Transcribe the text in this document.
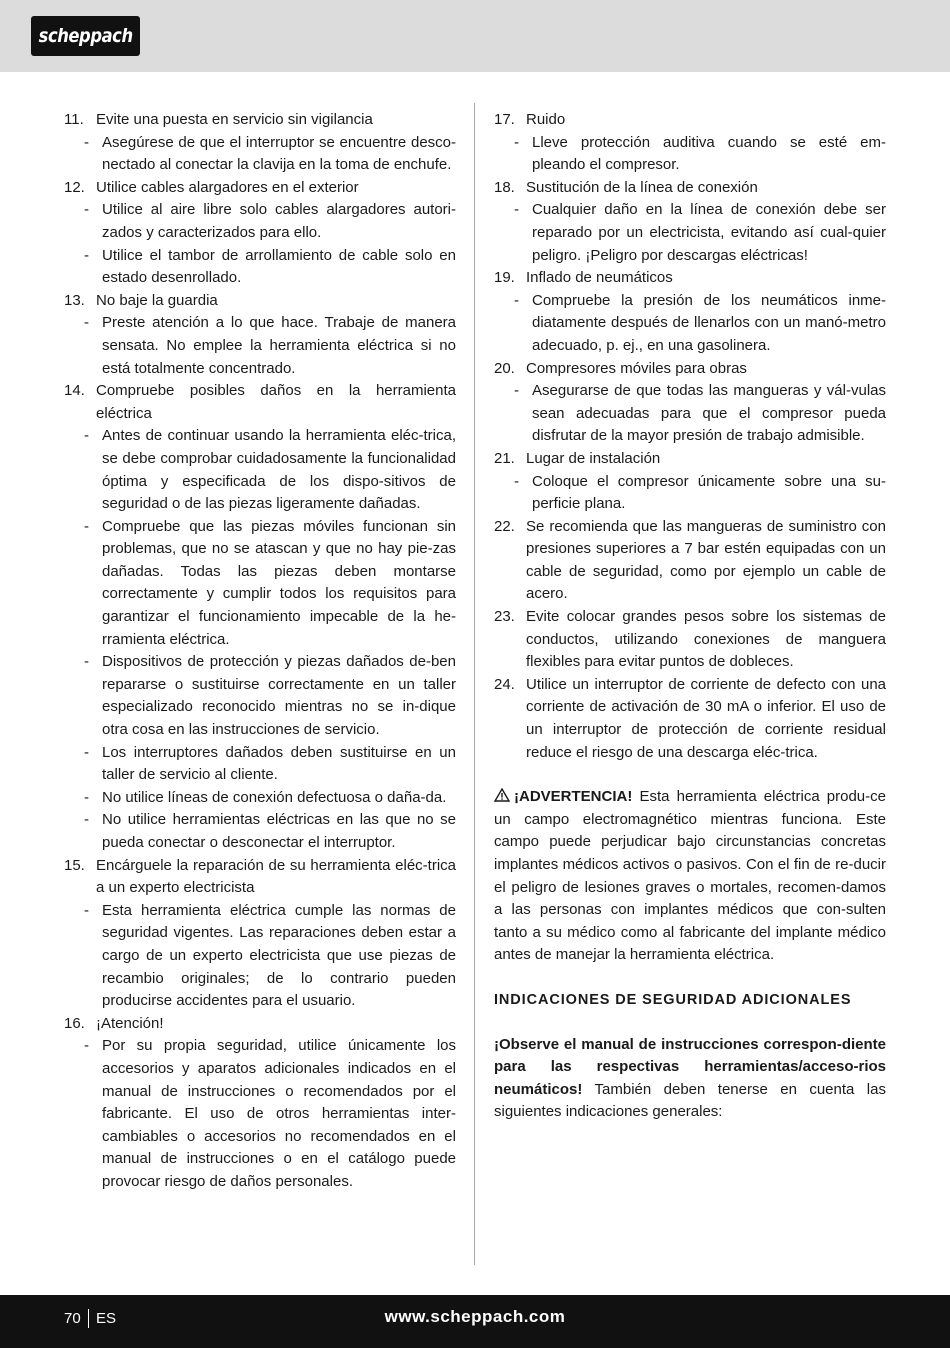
scheppach
11. Evite una puesta en servicio sin vigilancia
- Asegúrese de que el interruptor se encuentre desco-nectado al conectar la clavija en la toma de enchufe.
12. Utilice cables alargadores en el exterior
- Utilice al aire libre solo cables alargadores autori-zados y caracterizados para ello.
- Utilice el tambor de arrollamiento de cable solo en estado desenrollado.
13. No baje la guardia
- Preste atención a lo que hace. Trabaje de manera sensata. No emplee la herramienta eléctrica si no está totalmente concentrado.
14. Compruebe posibles daños en la herramienta eléctrica
- Antes de continuar usando la herramienta eléc-trica, se debe comprobar cuidadosamente la funcionalidad óptima y especificada de los dispo-sitivos de seguridad o de las piezas ligeramente dañadas.
- Compruebe que las piezas móviles funcionan sin problemas, que no se atascan y que no hay pie-zas dañadas. Todas las piezas deben montarse correctamente y cumplir todos los requisitos para garantizar el funcionamiento impecable de la he-rramienta eléctrica.
- Dispositivos de protección y piezas dañados de-ben repararse o sustituirse correctamente en un taller especializado reconocido mientras no se in-dique otra cosa en las instrucciones de servicio.
- Los interruptores dañados deben sustituirse en un taller de servicio al cliente.
- No utilice líneas de conexión defectuosa o daña-da.
- No utilice herramientas eléctricas en las que no se pueda conectar o desconectar el interruptor.
15. Encárguele la reparación de su herramienta eléc-trica a un experto electricista
- Esta herramienta eléctrica cumple las normas de seguridad vigentes. Las reparaciones deben estar a cargo de un experto electricista que use piezas de recambio originales; de lo contrario pueden producirse accidentes para el usuario.
16. ¡Atención!
- Por su propia seguridad, utilice únicamente los accesorios y aparatos adicionales indicados en el manual de instrucciones o recomendados por el fabricante. El uso de otros herramientas inter-cambiables o accesorios no recomendados en el manual de instrucciones o en el catálogo puede provocar riesgo de daños personales.
17. Ruido
- Lleve protección auditiva cuando se esté em-pleando el compresor.
18. Sustitución de la línea de conexión
- Cualquier daño en la línea de conexión debe ser reparado por un electricista, evitando así cual-quier peligro. ¡Peligro por descargas eléctricas!
19. Inflado de neumáticos
- Compruebe la presión de los neumáticos inme-diatamente después de llenarlos con un manó-metro adecuado, p. ej., en una gasolinera.
20. Compresores móviles para obras
- Asegurarse de que todas las mangueras y vál-vulas sean adecuadas para que el compresor pueda disfrutar de la mayor presión de trabajo admisible.
21. Lugar de instalación
- Coloque el compresor únicamente sobre una su-perficie plana.
22. Se recomienda que las mangueras de suministro con presiones superiores a 7 bar estén equipadas con un cable de seguridad, como por ejemplo un cable de acero.
23. Evite colocar grandes pesos sobre los sistemas de conductos, utilizando conexiones de manguera flexibles para evitar puntos de dobleces.
24. Utilice un interruptor de corriente de defecto con una corriente de activación de 30 mA o inferior. El uso de un interruptor de protección de corriente residual reduce el riesgo de una descarga eléc-trica.

¡ADVERTENCIA! Esta herramienta eléctrica produ-ce un campo electromagnético mientras funciona. Este campo puede perjudicar bajo circunstancias concretas implantes médicos activos o pasivos. Con el fin de re-ducir el peligro de lesiones graves o mortales, recomen-damos a las personas con implantes médicos que con-sulten tanto a su médico como al fabricante del implante médico antes de manejar la herramienta eléctrica.

INDICACIONES DE SEGURIDAD ADICIONALES

¡Observe el manual de instrucciones correspon-diente para las respectivas herramientas/acceso-rios neumáticos! También deben tenerse en cuenta las siguientes indicaciones generales:

70 ES	www.scheppach.com
